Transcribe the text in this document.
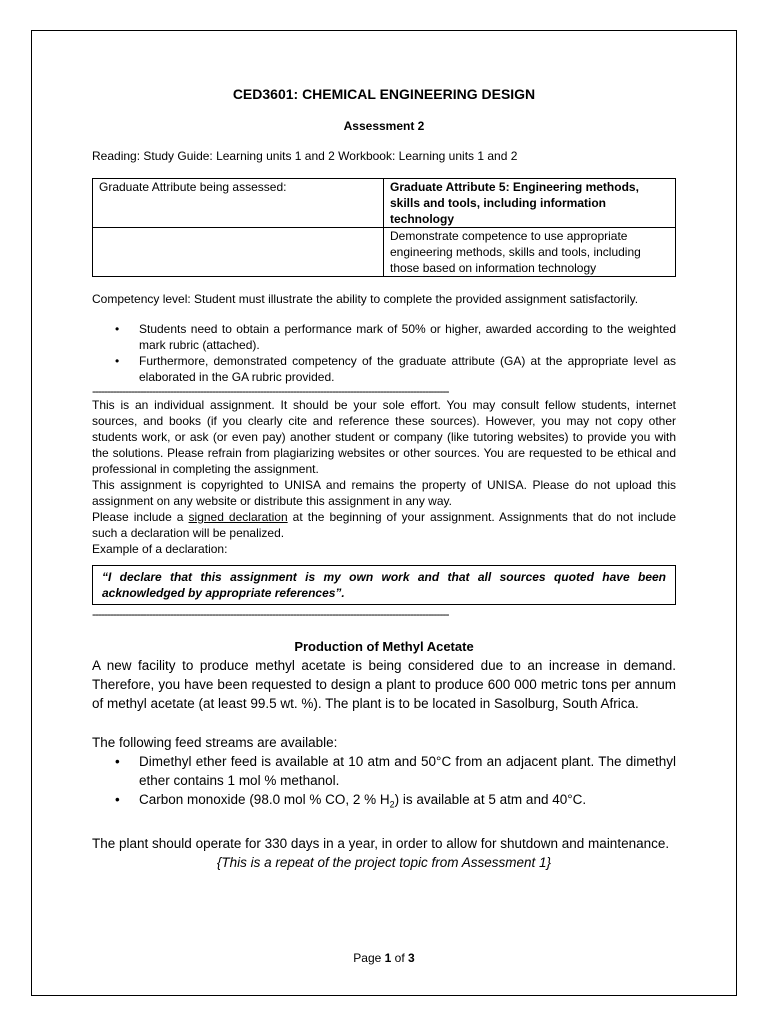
CED3601: CHEMICAL ENGINEERING DESIGN
Assessment 2
Reading: Study Guide: Learning units 1 and 2 Workbook: Learning units 1 and 2
Graduate Attribute being assessed:	Graduate Attribute 5: Engineering methods, skills and tools, including information technology
	Demonstrate competence to use appropriate engineering methods, skills and tools, including those based on information technology
Competency level: Student must illustrate the ability to complete the provided assignment satisfactorily.
• Students need to obtain a performance mark of 50% or higher, awarded according to the weighted mark rubric (attached).
• Furthermore, demonstrated competency of the graduate attribute (GA) at the appropriate level as elaborated in the GA rubric provided.
-----------------------------------------------------------------------------------------------------------------------

This is an individual assignment. It should be your sole effort. You may consult fellow students, internet sources, and books (if you clearly cite and reference these sources). However, you may not copy other students work, or ask (or even pay) another student or company (like tutoring websites) to provide you with the solutions. Please refrain from plagiarizing websites or other sources. You are requested to be ethical and professional in completing the assignment.

This assignment is copyrighted to UNISA and remains the property of UNISA. Please do not upload this assignment on any website or distribute this assignment in any way.

Please include a signed declaration at the beginning of your assignment. Assignments that do not include such a declaration will be penalized.

Example of a declaration:

“I declare that this assignment is my own work and that all sources quoted have been acknowledged by appropriate references”.
-----------------------------------------------------------------------------------------------------------------------
Production of Methyl Acetate

A new facility to produce methyl acetate is being considered due to an increase in demand. Therefore, you have been requested to design a plant to produce 600 000 metric tons per annum of methyl acetate (at least 99.5 wt. %). The plant is to be located in Sasolburg, South Africa.

The following feed streams are available:

• Dimethyl ether feed is available at 10 atm and 50°C from an adjacent plant. The dimethyl ether contains 1 mol % methanol.
• Carbon monoxide (98.0 mol % CO, 2 % $H_2$) is available at 5 atm and 40°C.

The plant should operate for 330 days in a year, in order to allow for shutdown and maintenance.

{This is a repeat of the project topic from Assessment 1}
Page 1 of 3
